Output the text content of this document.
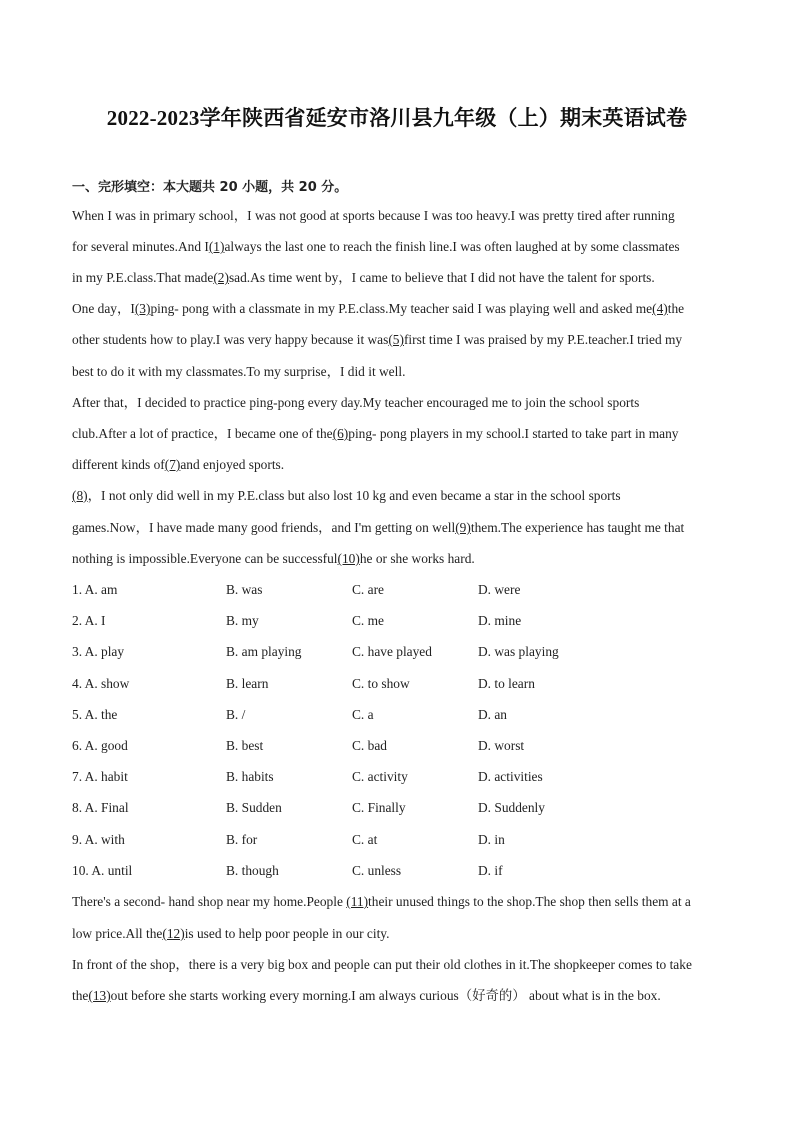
2022-2023学年陕西省延安市洛川县九年级（上）期末英语试卷
一、完形填空：本大题共 20 小题，共 20 分。
When I was in primary school，I was not good at sports because I was too heavy.I was pretty tired after running
for several minutes.And I(1)always the last one to reach the finish line.I was often laughed at by some classmates
in my P.E.class.That made(2)sad.As time went by，I came to believe that I did not have the talent for sports.
One day，I(3)ping- pong with a classmate in my P.E.class.My teacher said I was playing well and asked me(4)the
other students how to play.I was very happy because it was(5)first time I was praised by my P.E.teacher.I tried my
best to do it with my classmates.To my surprise，I did it well.
After that，I decided to practice ping-pong every day.My teacher encouraged me to join the school sports
club.After a lot of practice，I became one of the(6)ping- pong players in my school.I started to take part in many
different kinds of(7)and enjoyed sports.
(8)，I not only did well in my P.E.class but also lost 10 kg and even became a star in the school sports
games.Now，I have made many good friends，and I'm getting on well(9)them.The experience has taught me that
nothing is impossible.Everyone can be successful(10)he or she works hard.
1. A. am	B. was	C. are	D. were
2. A. I	B. my	C. me	D. mine
3. A. play	B. am playing	C. have played	D. was playing
4. A. show	B. learn	C. to show	D. to learn
5. A. the	B. /	C. a	D. an
6. A. good	B. best	C. bad	D. worst
7. A. habit	B. habits	C. activity	D. activities
8. A. Final	B. Sudden	C. Finally	D. Suddenly
9. A. with	B. for	C. at	D. in
10. A. until	B. though	C. unless	D. if
There's a second- hand shop near my home.People (11)their unused things to the shop.The shop then sells them at a
low price.All the(12)is used to help poor people in our city.
In front of the shop，there is a very big box and people can put their old clothes in it.The shopkeeper comes to take
the(13)out before she starts working every morning.I am always curious（好奇的） about what is in the box.
